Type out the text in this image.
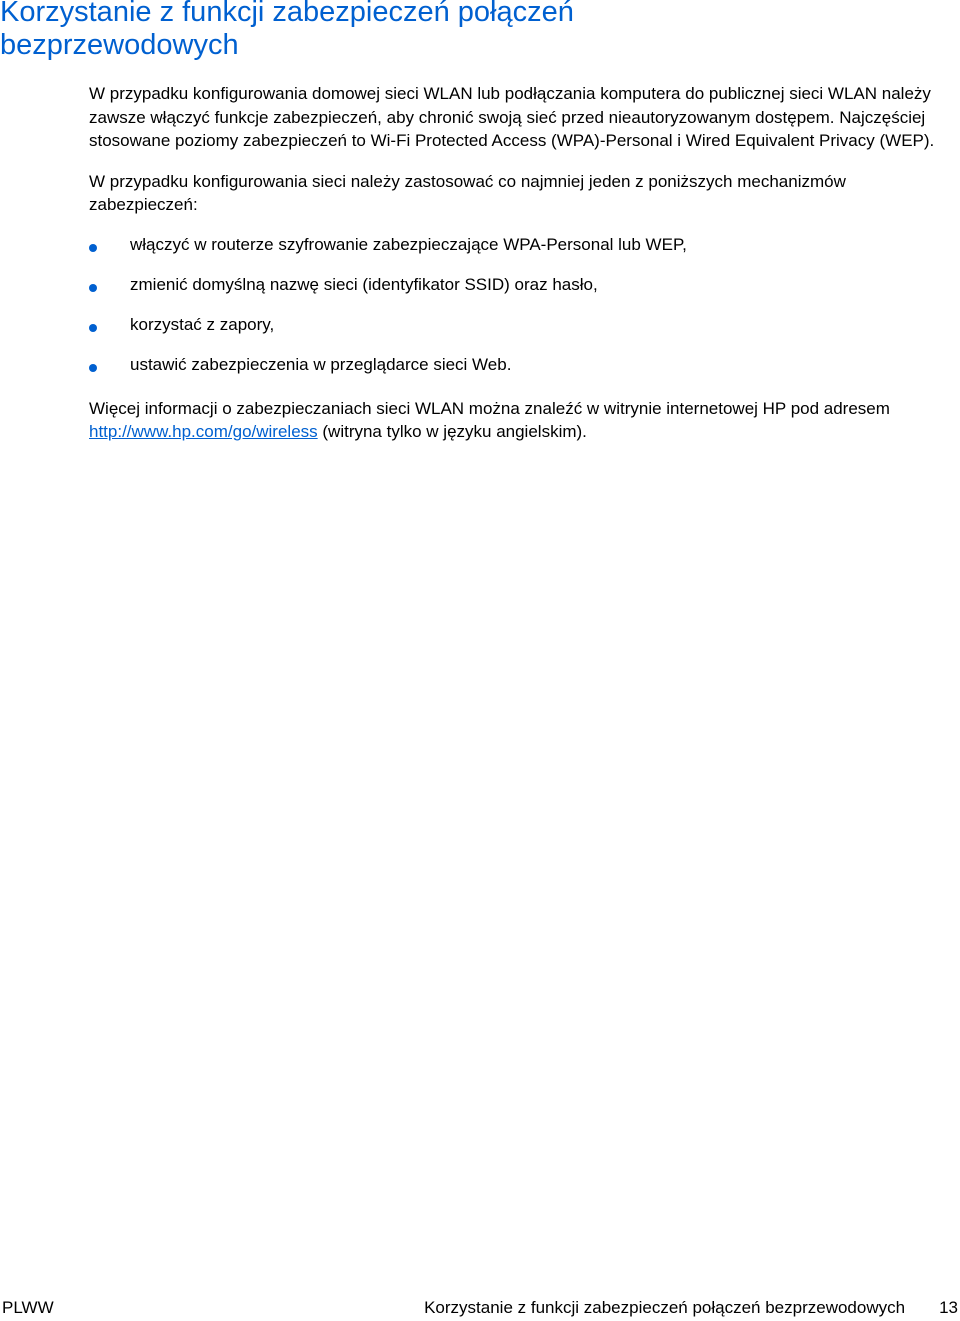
Korzystanie z funkcji zabezpieczeń połączeń bezprzewodowych

W przypadku konfigurowania domowej sieci WLAN lub podłączania komputera do publicznej sieci WLAN należy zawsze włączyć funkcje zabezpieczeń, aby chronić swoją sieć przed nieautoryzowanym dostępem. Najczęściej stosowane poziomy zabezpieczeń to Wi-Fi Protected Access (WPA)-Personal i Wired Equivalent Privacy (WEP).

W przypadku konfigurowania sieci należy zastosować co najmniej jeden z poniższych mechanizmów zabezpieczeń:

włączyć w routerze szyfrowanie zabezpieczające WPA-Personal lub WEP,
zmienić domyślną nazwę sieci (identyfikator SSID) oraz hasło,
korzystać z zapory,
ustawić zabezpieczenia w przeglądarce sieci Web.

Więcej informacji o zabezpieczaniach sieci WLAN można znaleźć w witrynie internetowej HP pod adresem http://www.hp.com/go/wireless (witryna tylko w języku angielskim).

PLWW	Korzystanie z funkcji zabezpieczeń połączeń bezprzewodowych 13
